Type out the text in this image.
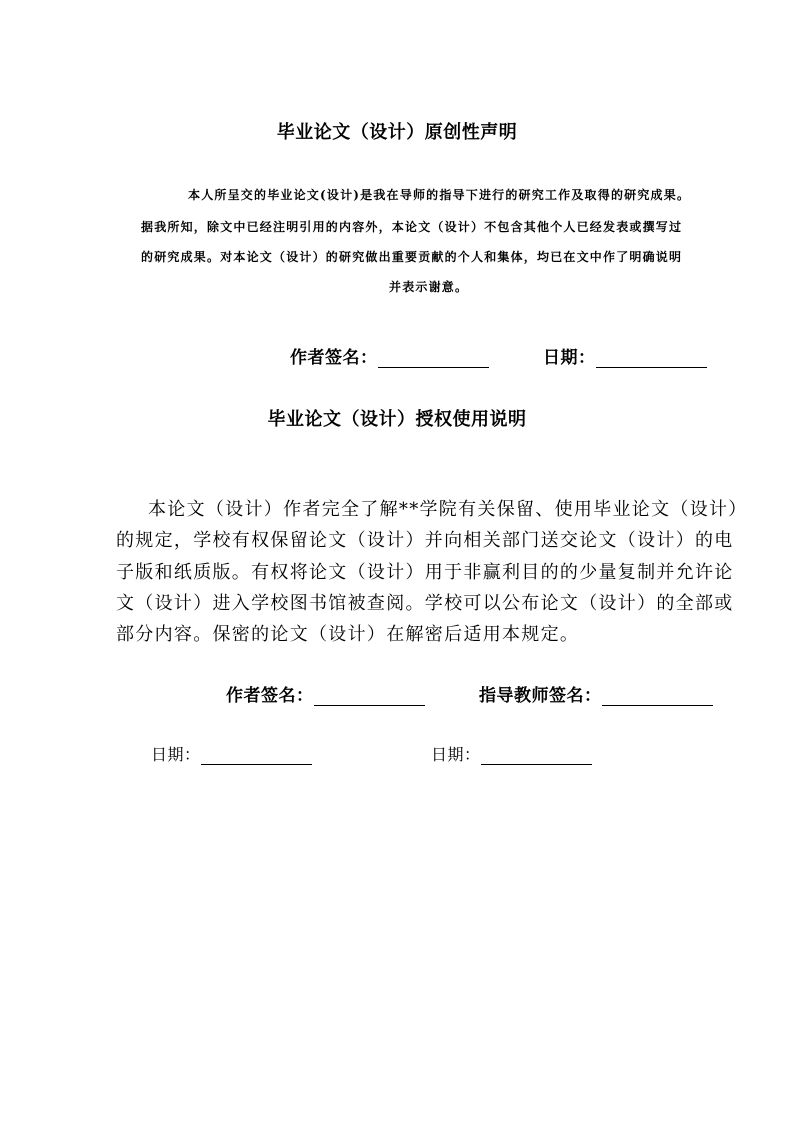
毕业论文（设计）原创性声明
本人所呈交的毕业论文(设计)是我在导师的指导下进行的研究工作及取得的研究成果。
据我所知，除文中已经注明引用的内容外，本论文（设计）不包含其他个人已经发表或撰写过
的研究成果。对本论文（设计）的研究做出重要贡献的个人和集体，均已在文中作了明确说明
并表示谢意。
作者签名：	日期：
毕业论文（设计）授权使用说明
本论文（设计）作者完全了解**学院有关保留、使用毕业论文（设计）
的规定，学校有权保留论文（设计）并向相关部门送交论文（设计）的电
子版和纸质版。有权将论文（设计）用于非赢利目的的少量复制并允许论
文（设计）进入学校图书馆被查阅。学校可以公布论文（设计）的全部或
部分内容。保密的论文（设计）在解密后适用本规定。
作者签名：	指导教师签名：
日期：	日期：
